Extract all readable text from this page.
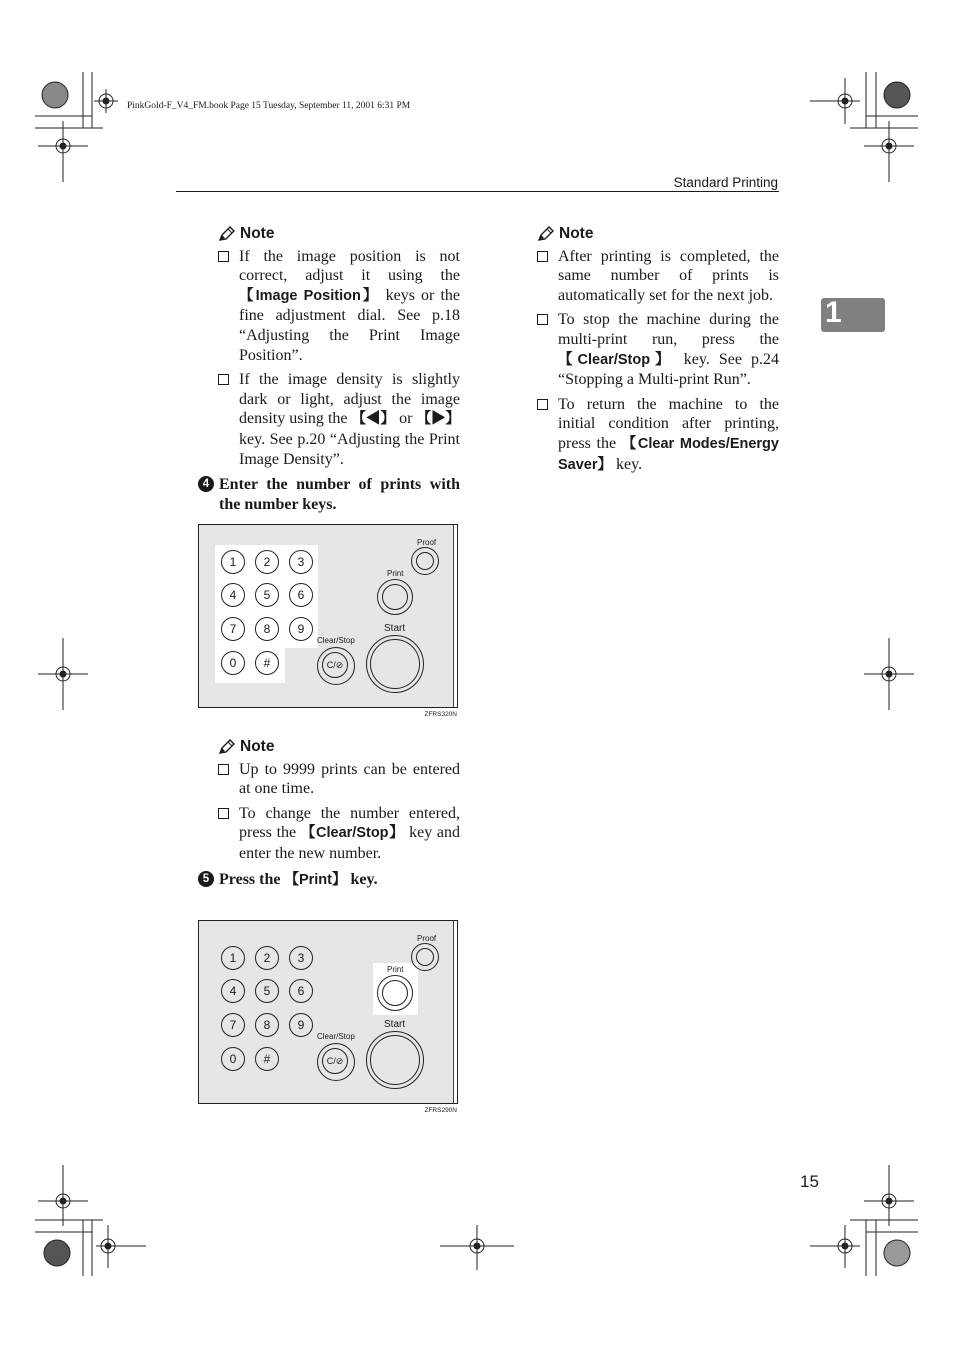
PinkGold-F_V4_FM.book Page 15 Tuesday, September 11, 2001 6:31 PM
Standard Printing
1
15
Note
If the image position is not correct, adjust it using the 【Image Position】 keys or the fine adjustment dial. See p.18 “Adjusting the Print Image Position”.
If the image density is slightly dark or light, adjust the image density using the 【◀】 or 【▶】 key. See p.20 “Adjusting the Print Image Density”.
4 Enter the number of prints with the number keys.
1	2	3
4	5	6
7	8	9
0	#
Proof
Print
Start
Clear/Stop
C/⊘
ZFRS320N
Note
Up to 9999 prints can be entered at one time.
To change the number entered, press the 【Clear/Stop】 key and enter the new number.
5 Press the 【Print】 key.
1	2	3
4	5	6
7	8	9
0	#
Proof
Print
Start
Clear/Stop
C/⊘
ZFRS290N
Note
After printing is completed, the same number of prints is automatically set for the next job.
To stop the machine during the multi-print run, press the 【Clear/Stop】 key. See p.24 “Stopping a Multi-print Run”.
To return the machine to the initial condition after printing, press the 【Clear Modes/Energy Saver】 key.
